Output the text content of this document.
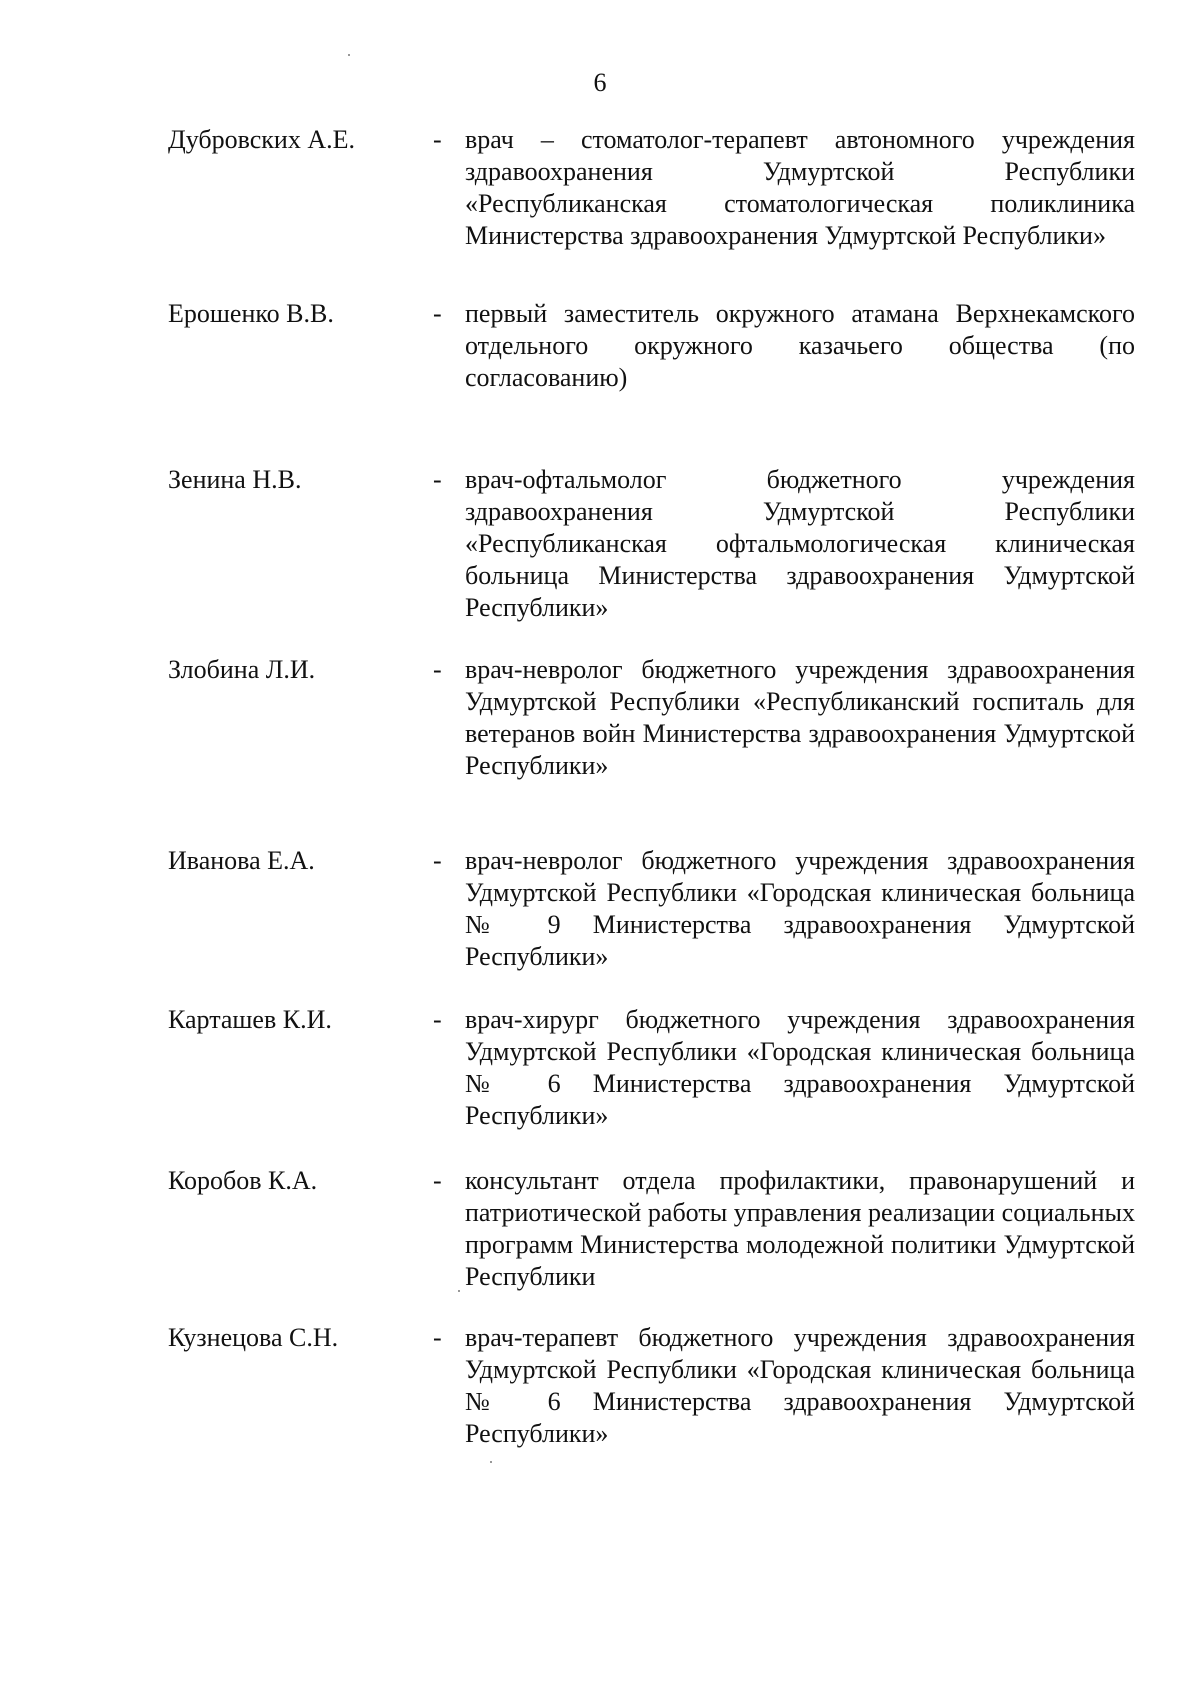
6
Дубровских А.Е.	- врач – стоматолог-терапевт автономного учреждения здравоохранения Удмуртской Республики «Республиканская стоматологическая поликлиника Министерства здравоохранения Удмуртской Республики»
Ерошенко В.В.	- первый заместитель окружного атамана Верхнекамского отдельного окружного казачьего общества (по согласованию)
Зенина Н.В.	- врач-офтальмолог бюджетного учреждения здравоохранения Удмуртской Республики «Республиканская офтальмологическая клиническая больница Министерства здравоохранения Удмуртской Республики»
Злобина Л.И.	- врач-невролог бюджетного учреждения здравоохранения Удмуртской Республики «Республиканский госпиталь для ветеранов войн Министерства здравоохранения Удмуртской Республики»
Иванова Е.А.	- врач-невролог бюджетного учреждения здравоохранения Удмуртской Республики «Городская клиническая больница № 9 Министерства здравоохранения Удмуртской Республики»
Карташев К.И.	- врач-хирург бюджетного учреждения здравоохранения Удмуртской Республики «Городская клиническая больница № 6 Министерства здравоохранения Удмуртской Республики»
Коробов К.А.	- консультант отдела профилактики, правонарушений и патриотической работы управления реализации социальных программ Министерства молодежной политики Удмуртской Республики
Кузнецова С.Н.	- врач-терапевт бюджетного учреждения здравоохранения Удмуртской Республики «Городская клиническая больница № 6 Министерства здравоохранения Удмуртской Республики»
